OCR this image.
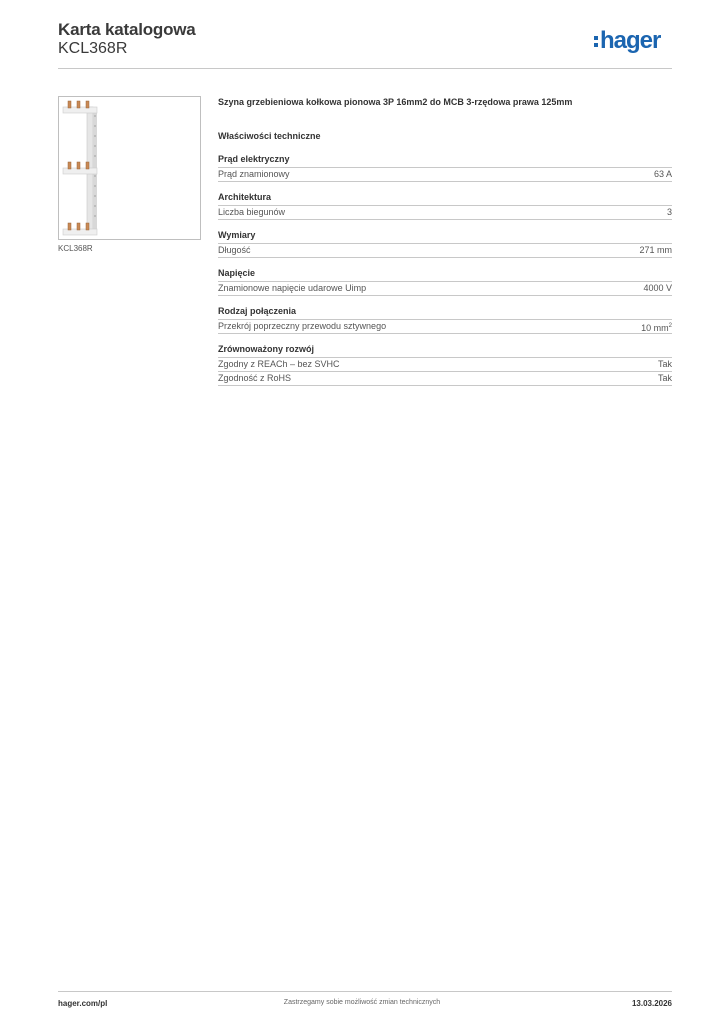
Karta katalogowa
KCL368R	hager
KCL368R
Szyna grzebieniowa kołkowa pionowa 3P 16mm2 do MCB 3-rzędowa prawa 125mm
Właściwości techniczne
Prąd elektryczny
Prąd znamionowy	63 A
Architektura
Liczba biegunów	3
Wymiary
Długość	271 mm
Napięcie
Znamionowe napięcie udarowe Uimp	4000 V
Rodzaj połączenia
Przekrój poprzeczny przewodu sztywnego	10 $mm^2$
Zrównoważony rozwój
Zgodny z REACh – bez SVHC	Tak
Zgodność z RoHS	Tak
hager.com/pl	Zastrzegamy sobie możliwość zmian technicznych	13.03.2026
